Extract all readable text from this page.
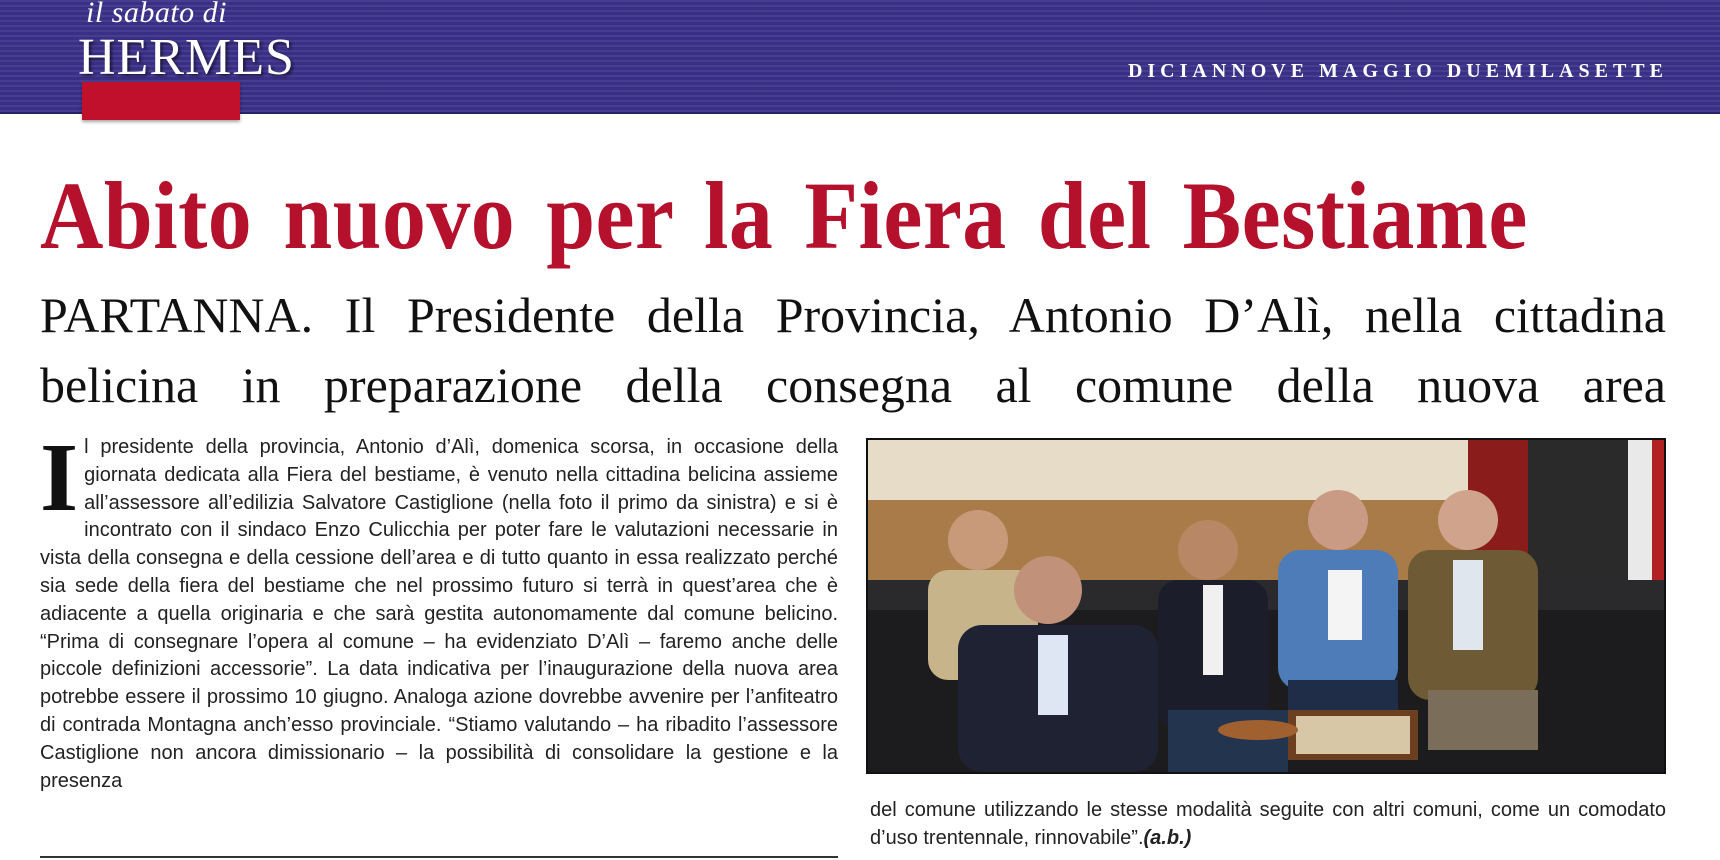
il sabato di
HERMES	DICIANNOVE MAGGIO DUEMILASETTE
Abito nuovo per la Fiera del Bestiame
PARTANNA. Il Presidente della Provincia, Antonio D’Alì, nella cittadina belicina in preparazione della consegna al comune della nuova area
Il presidente della provincia, Antonio d’Alì, domenica scorsa, in occasione della giornata dedicata alla Fiera del bestiame, è venuto nella cittadina belicina assieme all’assessore all’edilizia Salvatore Castiglione (nella foto il primo da sinistra) e si è incontrato con il sindaco Enzo Culicchia per poter fare le valutazioni necessarie in vista della consegna e della cessione dell’area e di tutto quanto in essa realizzato perché sia sede della fiera del bestiame che nel prossimo futuro si terrà in quest’area che è adiacente a quella originaria e che sarà gestita autonomamente dal comune belicino. “Prima di consegnare l’opera al comune – ha evidenziato D’Alì – faremo anche delle piccole definizioni accessorie”. La data indicativa per l’inaugurazione della nuova area potrebbe essere il prossimo 10 giugno. Analoga azione dovrebbe avvenire per l’anfiteatro di contrada Montagna anch’esso provinciale. “Stiamo valutando – ha ribadito l’assessore Castiglione non ancora dimissionario – la possibilità di consolidare la gestione e la presenza
del comune utilizzando le stesse modalità seguite con altri comuni, come un comodato d’uso trentennale, rinnovabile”.(a.b.)
